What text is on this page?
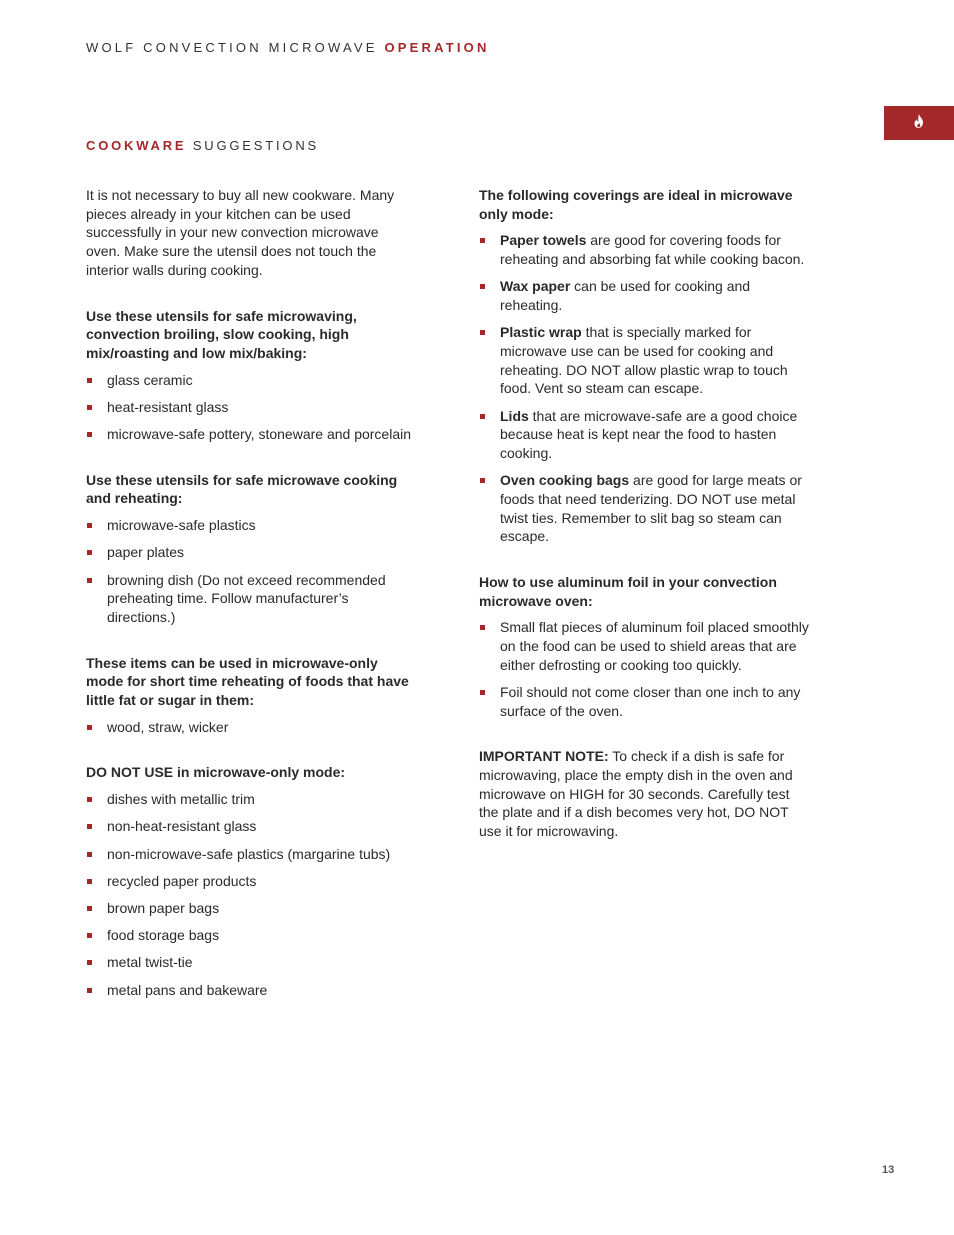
WOLF CONVECTION MICROWAVE OPERATION
COOKWARE SUGGESTIONS

It is not necessary to buy all new cookware. Many pieces already in your kitchen can be used successfully in your new convection microwave oven. Make sure the utensil does not touch the interior walls during cooking.

Use these utensils for safe microwaving, convection broiling, slow cooking, high mix/roasting and low mix/baking:

glass ceramic
heat-resistant glass
microwave-safe pottery, stoneware and porcelain

Use these utensils for safe microwave cooking and reheating:

microwave-safe plastics
paper plates
browning dish (Do not exceed recommended preheating time. Follow manufacturer’s directions.)

These items can be used in microwave-only mode for short time reheating of foods that have little fat or sugar in them:

wood, straw, wicker

DO NOT USE in microwave-only mode:

dishes with metallic trim
non-heat-resistant glass
non-microwave-safe plastics (margarine tubs)
recycled paper products
brown paper bags
food storage bags
metal twist-tie
metal pans and bakeware

The following coverings are ideal in microwave only mode:

Paper towels are good for covering foods for reheating and absorbing fat while cooking bacon.
Wax paper can be used for cooking and reheating.
Plastic wrap that is specially marked for microwave use can be used for cooking and reheating. DO NOT allow plastic wrap to touch food. Vent so steam can escape.
Lids that are microwave-safe are a good choice because heat is kept near the food to hasten cooking.
Oven cooking bags are good for large meats or foods that need tenderizing. DO NOT use metal twist ties. Remember to slit bag so steam can escape.

How to use aluminum foil in your convection microwave oven:

Small flat pieces of aluminum foil placed smoothly on the food can be used to shield areas that are either defrosting or cooking too quickly.
Foil should not come closer than one inch to any surface of the oven.

IMPORTANT NOTE: To check if a dish is safe for microwaving, place the empty dish in the oven and microwave on HIGH for 30 seconds. Carefully test the plate and if a dish becomes very hot, DO NOT use it for microwaving.

13
